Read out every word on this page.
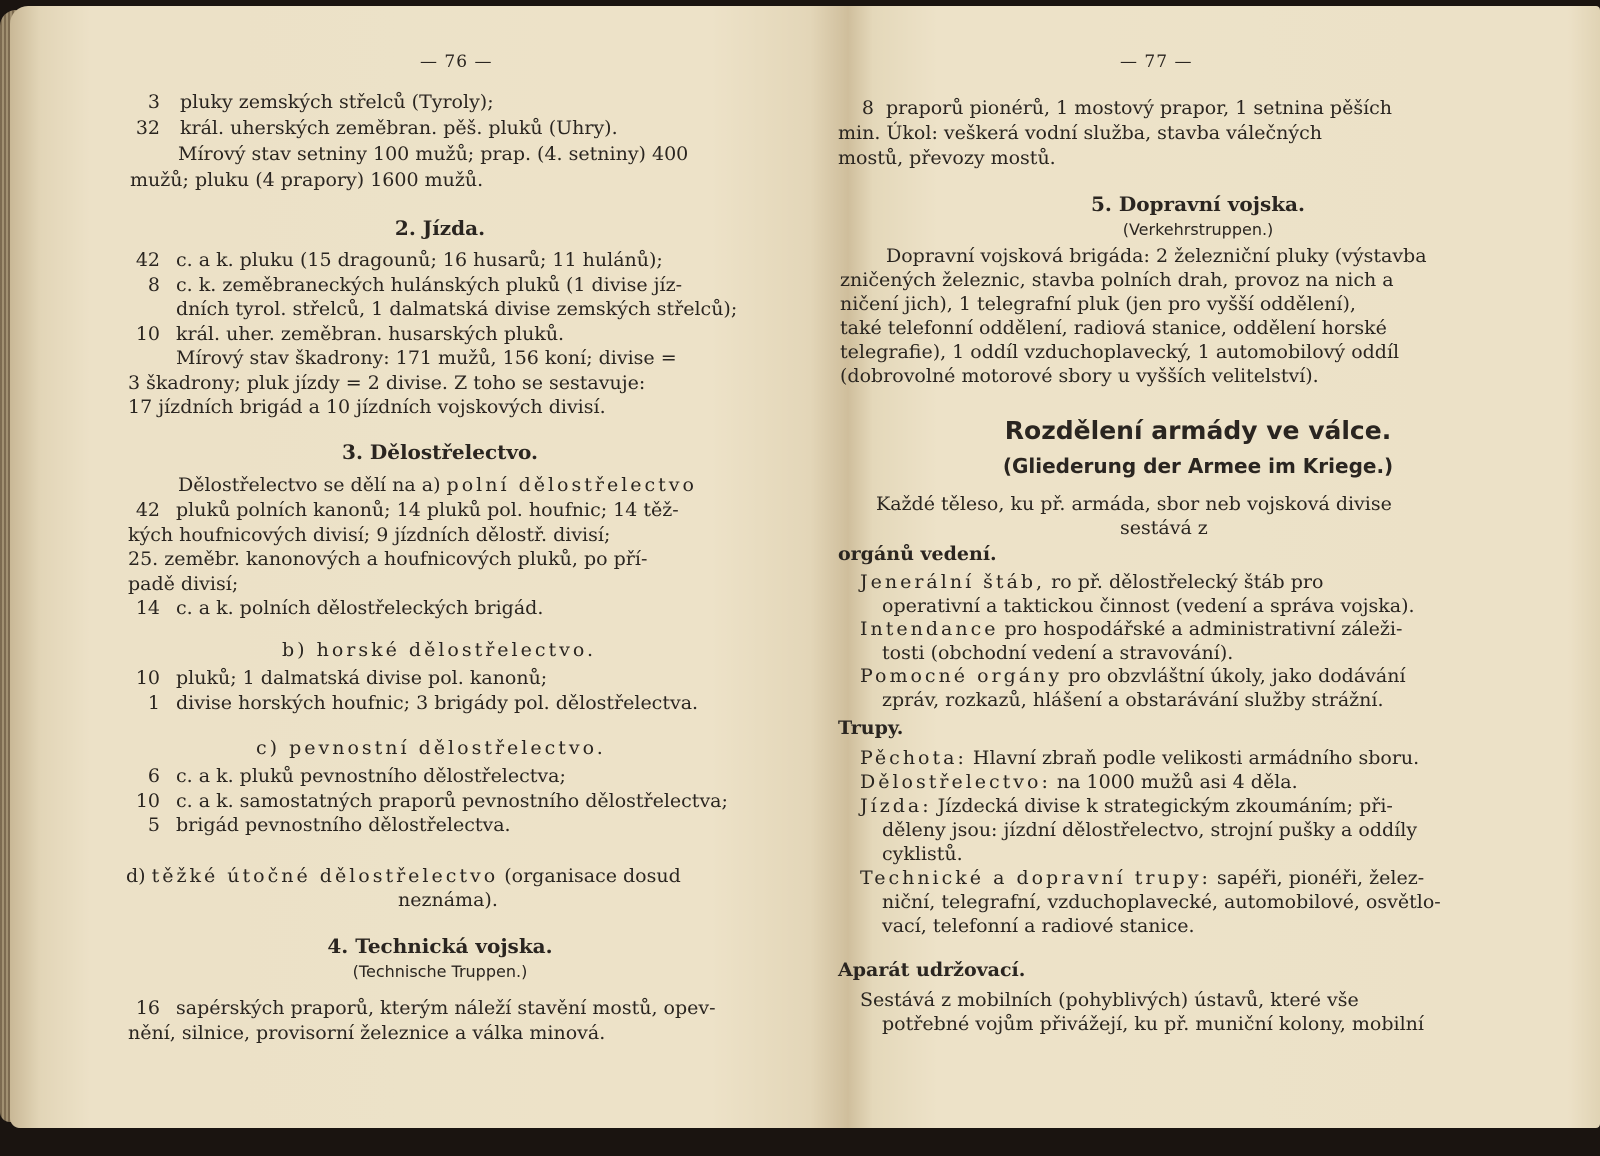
— 76 —
3 pluky zemských střelců (Tyroly);
32 král. uherských zeměbran. pěš. pluků (Uhry).
Mírový stav setniny 100 mužů; prap. (4. setniny) 400
mužů; pluku (4 prapory) 1600 mužů.
2. Jízda.
42 c. a k. pluku (15 dragounů; 16 husarů; 11 hulánů);
8 c. k. zeměbraneckých hulánských pluků (1 divise jíz-
dních tyrol. střelců, 1 dalmatská divise zemských střelců);
10 král. uher. zeměbran. husarských pluků.
Mírový stav škadrony: 171 mužů, 156 koní; divise =
3 škadrony; pluk jízdy = 2 divise. Z toho se sestavuje:
17 jízdních brigád a 10 jízdních vojskových divisí.
3. Dělostřelectvo.
Dělostřelectvo se dělí na a) polní dělostřelectvo
42 pluků polních kanonů; 14 pluků pol. houfnic; 14 těž-
kých houfnicových divisí; 9 jízdních dělostř. divisí;
25. zeměbr. kanonových a houfnicových pluků, po pří-
padě divisí;
14 c. a k. polních dělostřeleckých brigád.
b) horské dělostřelectvo.
10 pluků; 1 dalmatská divise pol. kanonů;
1 divise horských houfnic; 3 brigády pol. dělostřelectva.
c) pevnostní dělostřelectvo.
6 c. a k. pluků pevnostního dělostřelectva;
10 c. a k. samostatných praporů pevnostního dělostřelectva;
5 brigád pevnostního dělostřelectva.
d) těžké útočné dělostřelectvo (organisace dosud
neznáma).
4. Technická vojska.
(Technische Truppen.)
16 sapérských praporů, kterým náleží stavění mostů, opev-
nění, silnice, provisorní železnice a válka minová.
— 77 —
8 praporů pionérů, 1 mostový prapor, 1 setnina pěších
min. Úkol: veškerá vodní služba, stavba válečných
mostů, převozy mostů.
5. Dopravní vojska.
(Verkehrstruppen.)
Dopravní vojsková brigáda: 2 železniční pluky (výstavba
zničených železnic, stavba polních drah, provoz na nich a
ničení jich), 1 telegrafní pluk (jen pro vyšší oddělení),
také telefonní oddělení, radiová stanice, oddělení horské
telegrafie), 1 oddíl vzduchoplavecký, 1 automobilový oddíl
(dobrovolné motorové sbory u vyšších velitelství).
Rozdělení armády ve válce.
(Gliederung der Armee im Kriege.)
Každé těleso, ku př. armáda, sbor neb vojsková divise
sestává z
orgánů vedení.
Jenerální štáb, ro př. dělostřelecký štáb pro
operativní a taktickou činnost (vedení a správa vojska).
Intendance pro hospodářské a administrativní záleži-
tosti (obchodní vedení a stravování).
Pomocné orgány pro obzvláštní úkoly, jako dodávání
zpráv, rozkazů, hlášení a obstarávání služby strážní.
Trupy.
Pěchota: Hlavní zbraň podle velikosti armádního sboru.
Dělostřelectvo: na 1000 mužů asi 4 děla.
Jízda: Jízdecká divise k strategickým zkoumáním; při-
děleny jsou: jízdní dělostřelectvo, strojní pušky a oddíly
cyklistů.
Technické a dopravní trupy: sapéři, pionéři, želez-
niční, telegrafní, vzduchoplavecké, automobilové, osvětlo-
vací, telefonní a radiové stanice.
Aparát udržovací.
Sestává z mobilních (pohyblivých) ústavů, které vše
potřebné vojům přivážejí, ku př. muniční kolony, mobilní
